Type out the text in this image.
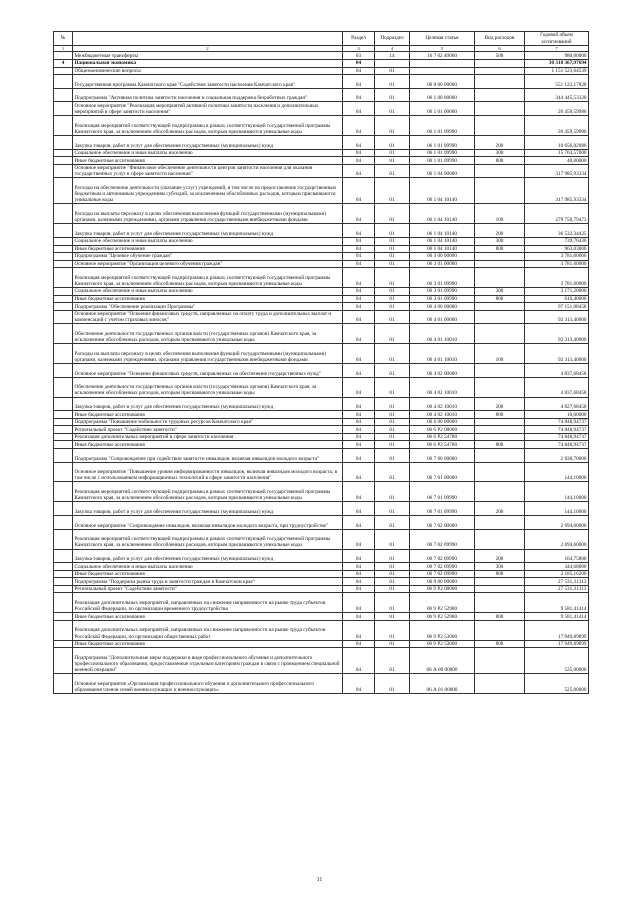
№		Раздел	Подраздел	Целевая статья	Вид расходов	Годовой объем ассигнований
1	2	3	4	5	6	7
	Межбюджетные трансферты	03	14	16 7 02 40060	500	980,00000
4	Национальная экономика	04				30 318 367,97694
	Общеэкономические вопросы	04	01			1 151 523,64539
	Государственная программа Камчатского края "Содействие занятости населения Камчатского края"	04	01	06 0 00 00000		551 122,17828
	Подпрограмма "Активная политика занятости населения и социальная поддержка безработных граждан"	04	01	06 1 00 00000		344 445,53320
	Основное мероприятие "Реализация мероприятий активной политики занятости населения и дополнительных мероприятий в сфере занятости населения"	04	01	06 1 01 00000		26 459,59986
	Реализация мероприятий соответствующей подпрограммы в рамках соответствующей государственной программы Камчатского края, за исключением обособленных расходов, которым присваиваются уникальные коды	04	01	06 1 01 09990		26 459,59986
	Закупка товаров, работ и услуг для обеспечения государственных (муниципальных) нужд	04	01	06 1 01 09990	200	10 656,02986
	Социальное обеспечение и иные выплаты населению	04	01	06 1 01 09990	300	15 763,57000
	Иные бюджетные ассигнования	04	01	06 1 01 09990	800	40,00000
	Основное мероприятие "Финансовое обеспечение деятельности центров занятости населения для оказания государственных услуг в сфере занятости населения"	04	01	06 1 04 00000		317 985,93334
	Расходы на обеспечение деятельности (оказание услуг) учреждений, в том числе на предоставление государственным бюджетным и автономным учреждениям субсидий, за исключением обособленных расходов, которым присваиваются уникальные коды	04	01	06 1 04 10140		317 985,93334
	Расходы на выплаты персоналу в целях обеспечения выполнения функций государственными (муниципальными) органами, казенными учреждениями, органами управления государственными внебюджетными фондами	04	01	06 1 04 10140	100	279 750,79473
	Закупка товаров, работ и услуг для обеспечения государственных (муниципальных) нужд	04	01	06 1 04 10140	200	36 532,34425
	Социальное обеспечение и иные выплаты населению	04	01	06 1 04 10140	300	739,76436
	Иные бюджетные ассигнования	04	01	06 1 04 10140	800	963,03000
	Подпрограмма "Целевое обучение граждан"	04	01	06 3 00 00000		3 781,60000
	Основное мероприятие "Организация целевого обучения граждан"	04	01	06 3 01 00000		3 781,60000
	Реализация мероприятий соответствующей подпрограммы в рамках соответствующей государственной программы Камчатского края, за исключением обособленных расходов, которым присваиваются уникальные коды	04	01	06 3 01 09990		3 781,60000
	Социальное обеспечение и иные выплаты населению	04	01	06 3 01 09990	300	3 171,20000
	Иные бюджетные ассигнования	04	01	06 3 01 09990	800	610,40000
	Подпрограмма "Обеспечение реализации Программы"	04	01	06 4 00 00000		97 151,08458
	Основное мероприятие "Освоение финансовых средств, направленных на оплату труда и дополнительных выплат и компенсаций с учетом страховых взносов"	04	01	06 4 01 00000		92 313,40000
	Обеспечение деятельности государственных органов власти (государственных органов) Камчатского края, за исключением обособленных расходов, которым присваиваются уникальные коды	04	01	06 4 01 10010		92 313,40000
	Расходы на выплаты персоналу в целях обеспечения выполнения функций государственными (муниципальными) органами, казенными учреждениями, органами управления государственными внебюджетными фондами	04	01	06 4 01 10010	100	92 313,40000
	Основное мероприятие "Освоение финансовых средств, направленных на обеспечение государственных нужд"	04	01	06 4 02 00000		4 837,68458
	Обеспечение деятельности государственных органов власти (государственных органов) Камчатского края, за исключением обособленных расходов, которым присваиваются уникальные коды	04	01	06 4 02 10010		4 837,68458
	Закупка товаров, работ и услуг для обеспечения государственных (муниципальных) нужд	04	01	06 4 02 10010	200	4 827,68458
	Иные бюджетные ассигнования	04	01	06 4 02 10010	800	10,00000
	Подпрограмма "Повышение мобильности трудовых ресурсов Камчатского края"	04	01	06 6 00 00000		74 848,94737
	Региональный проект "Содействие занятости"	04	01	06 6 P2 00000		74 848,94737
	Реализация дополнительных мероприятий в сфере занятости населения	04	01	06 6 P2 54780		74 848,94737
	Иные бюджетные ассигнования	04	01	06 6 P2 54780	800	74 848,94737
	Подпрограмма "Сопровождение при содействии занятости инвалидов, включая инвалидов молодого возраста"	04	01	06 7 00 00000		2 838,70000
	Основное мероприятие "Повышение уровня информированности инвалидов, включая инвалидов молодого возраста, в том числе с использованием информационных технологий в сфере занятости населения"	04	01	06 7 01 00000		144,10000
	Реализация мероприятий соответствующей подпрограммы в рамках соответствующей государственной программы Камчатского края, за исключением обособленных расходов, которым присваиваются уникальные коды	04	01	06 7 01 09990		144,10000
	Закупка товаров, работ и услуг для обеспечения государственных (муниципальных) нужд	04	01	06 7 01 09990	200	144,10000
	Основное мероприятие "Сопровождение инвалидов, включая инвалидов молодого возраста, при трудоустройстве"	04	01	06 7 02 00000		2 694,60000
	Реализация мероприятий соответствующей подпрограммы в рамках соответствующей государственной программы Камчатского края, за исключением обособленных расходов, которым присваиваются уникальные коды	04	01	06 7 02 09990		2 694,60000
	Закупка товаров, работ и услуг для обеспечения государственных (муниципальных) нужд	04	01	06 7 02 09990	200	164,75800
	Социальное обеспечение и иные выплаты населению	04	01	06 7 02 09990	300	344,68000
	Иные бюджетные ассигнования	04	01	06 7 02 09990	800	2 185,16200
	Подпрограмма "Поддержка рынка труда и занятости граждан в Камчатском крае"	04	01	06 9 00 00000		27 531,31313
	Региональный проект "Содействие занятости"	04	01	06 9 P2 00000		27 531,31313
	Реализация дополнительных мероприятий, направленных на снижение напряженности на рынке труда субъектов Российской Федерации, по организации временного трудоустройства	04	01	06 9 P2 52980		9 581,41414
	Иные бюджетные ассигнования	04	01	06 9 P2 52980	800	9 581,41414
	Реализация дополнительных мероприятий, направленных на снижение напряженности на рынке труда субъектов Российской Федерации, по организации общественных работ	04	01	06 9 P2 53000		17 949,89899
	Иные бюджетные ассигнования	04	01	06 9 P2 53000	800	17 949,89899
	Подпрограмма "Дополнительные меры поддержки в виде профессионального обучения и дополнительного профессионального образования, предоставляемые отдельным категориям граждан в связи с проведением специальной военной операции"	04	01	06 А 00 00000		525,00000
	Основное мероприятие «Организация профессионального обучения и дополнительного профессионального образования членов семей военнослужащих и военнослужащих»	04	01	06 А 01 00000		525,00000
11
